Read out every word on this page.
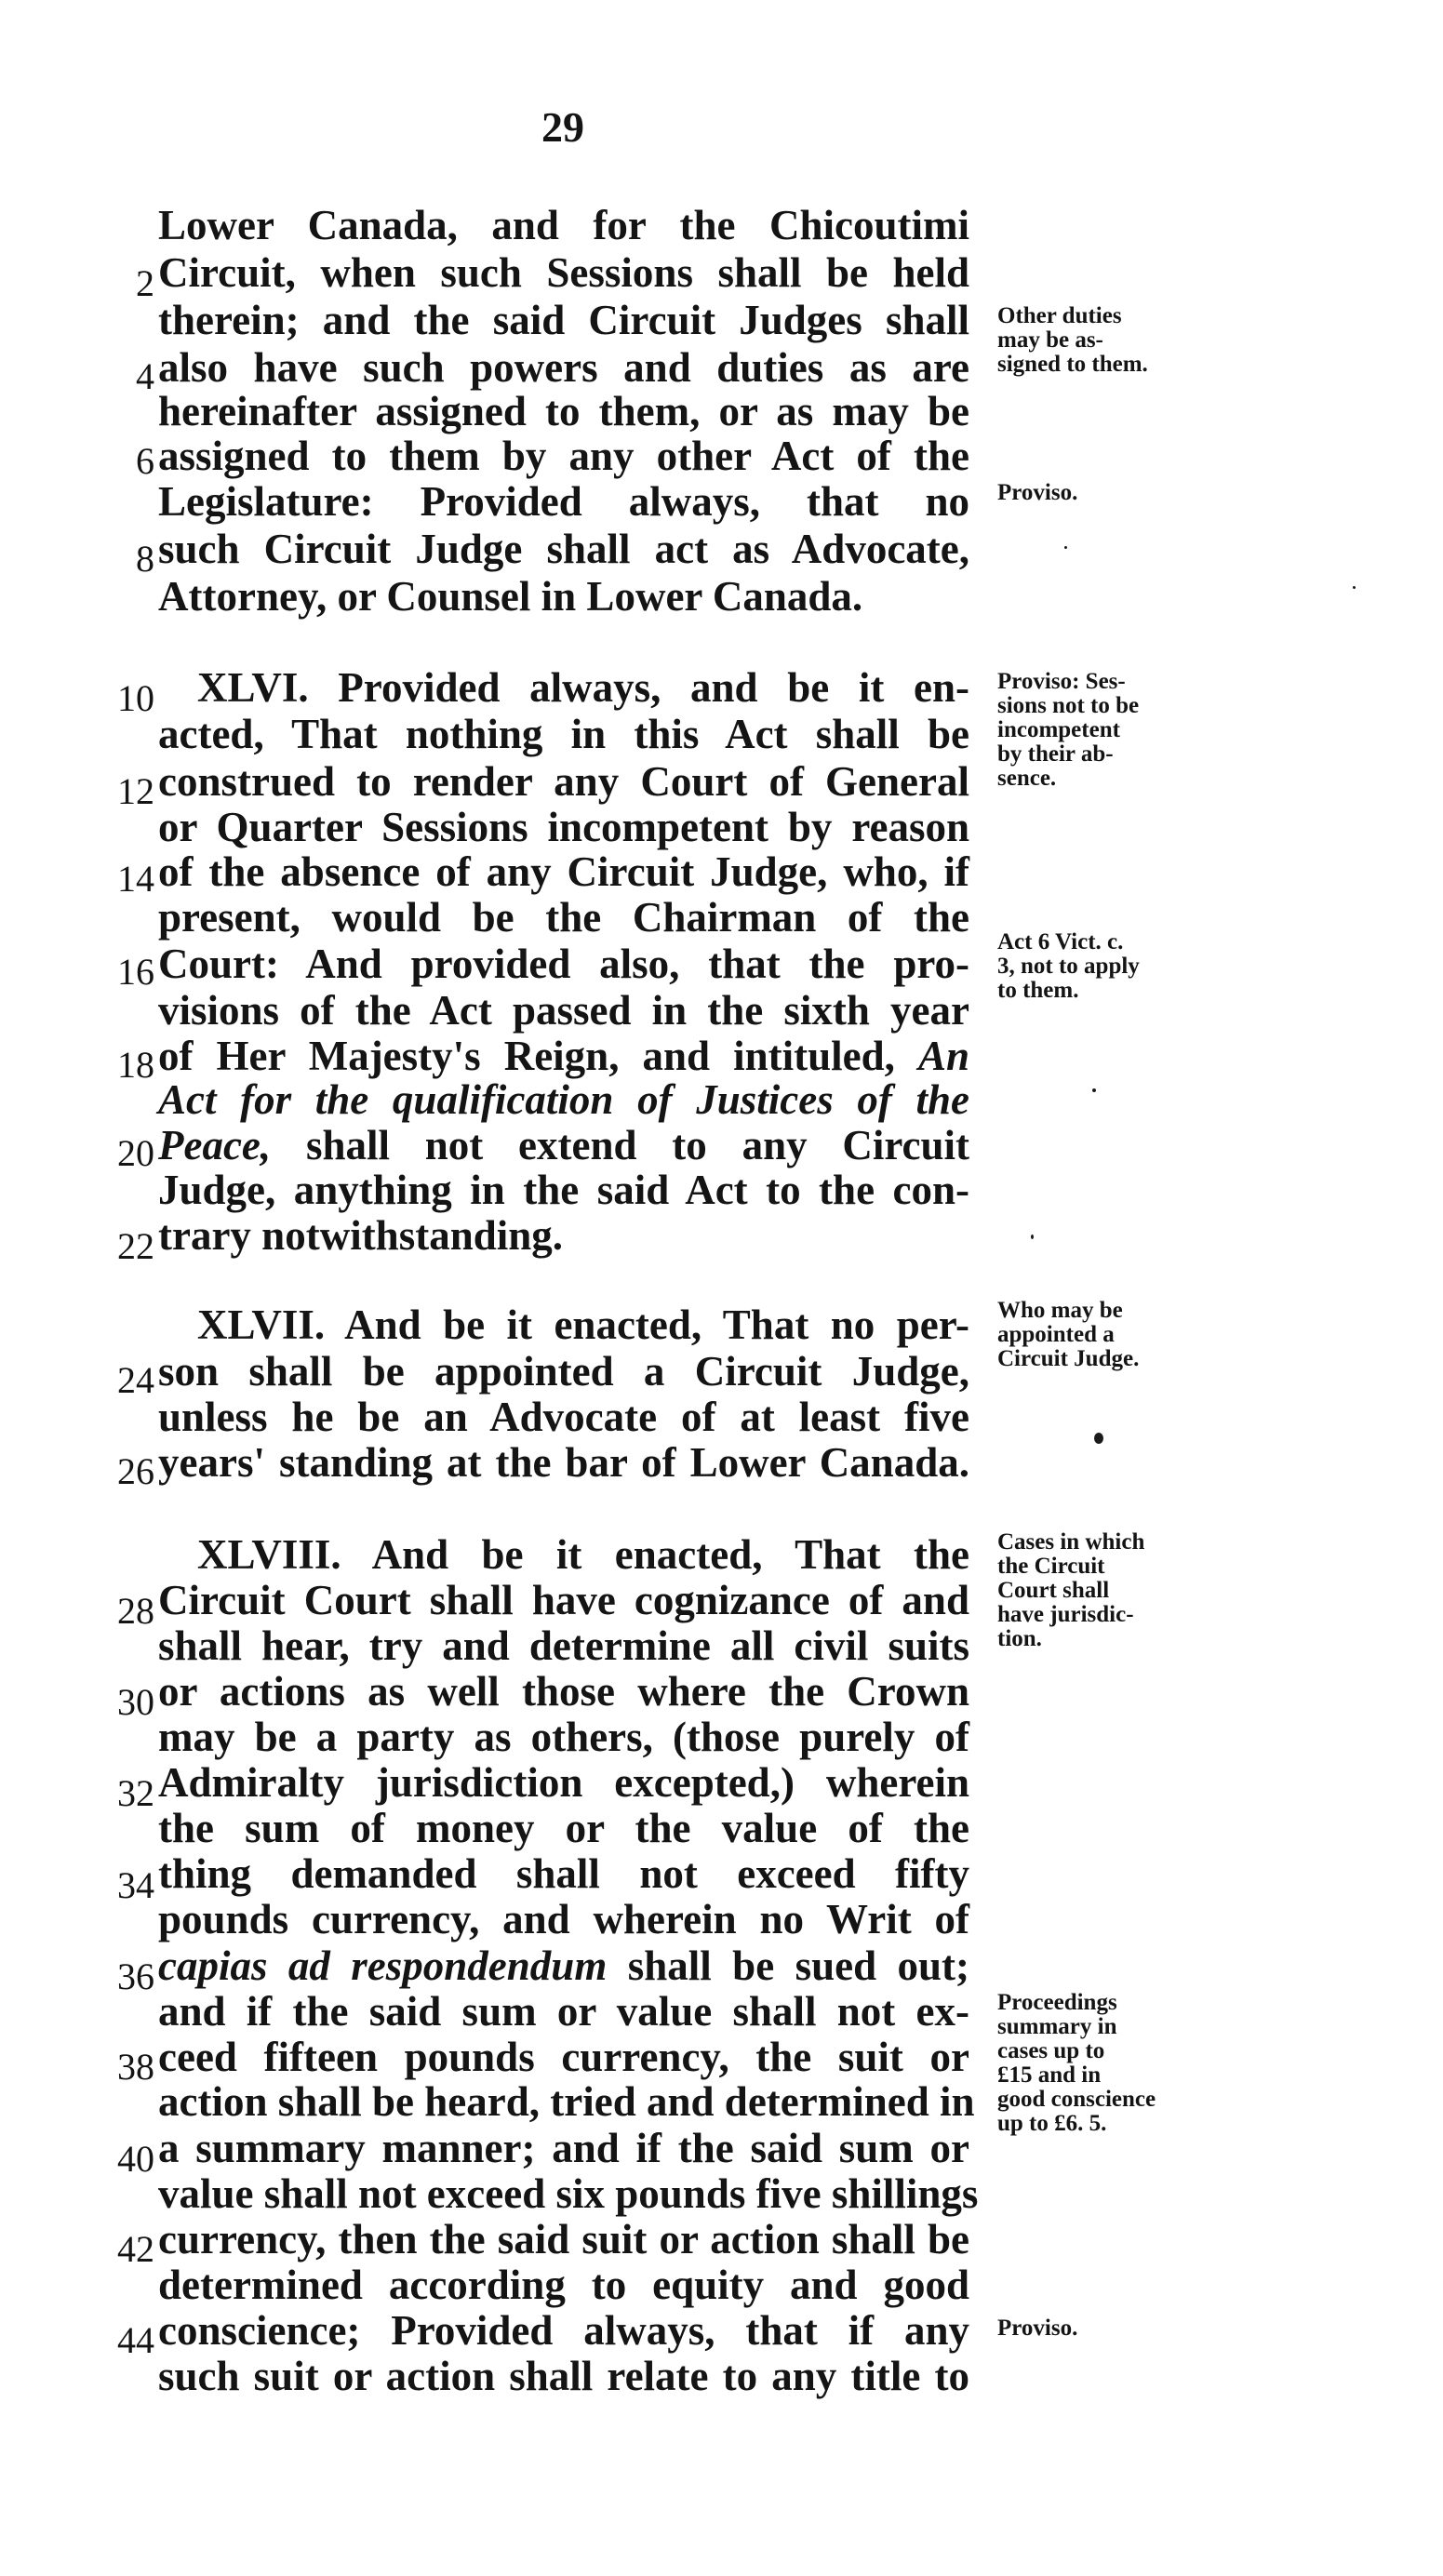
29
2
4
6
8
10
12
14
16
18
20
22
24
26
28
30
32
34
36
38
40
42
44
Lower Canada, and for the Chicoutimi
Circuit, when such Sessions shall be held
therein; and the said Circuit Judges shall
also have such powers and duties as are
hereinafter assigned to them, or as may be
assigned to them by any other Act of the
Legislature: Provided always, that no
such Circuit Judge shall act as Advocate,
Attorney, or Counsel in Lower Canada.
XLVI. Provided always, and be it en-
acted, That nothing in this Act shall be
construed to render any Court of General
or Quarter Sessions incompetent by reason
of the absence of any Circuit Judge, who, if
present, would be the Chairman of the
Court: And provided also, that the pro-
visions of the Act passed in the sixth year
of Her Majesty's Reign, and intituled, An
Act for the qualification of Justices of the
Peace, shall not extend to any Circuit
Judge, anything in the said Act to the con-
trary notwithstanding.
XLVII. And be it enacted, That no per-
son shall be appointed a Circuit Judge,
unless he be an Advocate of at least five
years' standing at the bar of Lower Canada.
XLVIII. And be it enacted, That the
Circuit Court shall have cognizance of and
shall hear, try and determine all civil suits
or actions as well those where the Crown
may be a party as others, (those purely of
Admiralty jurisdiction excepted,) wherein
the sum of money or the value of the
thing demanded shall not exceed fifty
pounds currency, and wherein no Writ of
capias ad respondendum shall be sued out;
and if the said sum or value shall not ex-
ceed fifteen pounds currency, the suit or
action shall be heard, tried and determined in
a summary manner; and if the said sum or
value shall not exceed six pounds five shillings
currency, then the said suit or action shall be
determined according to equity and good
conscience; Provided always, that if any
such suit or action shall relate to any title to
Other duties
may be as-
signed to them.
Proviso.
Proviso: Ses-
sions not to be
incompetent
by their ab-
sence.
Act 6 Vict. c.
3, not to apply
to them.
Who may be
appointed a
Circuit Judge.
Cases in which
the Circuit
Court shall
have jurisdic-
tion.
Proceedings
summary in
cases up to
£15 and in
good conscience
up to £6. 5.
Proviso.
